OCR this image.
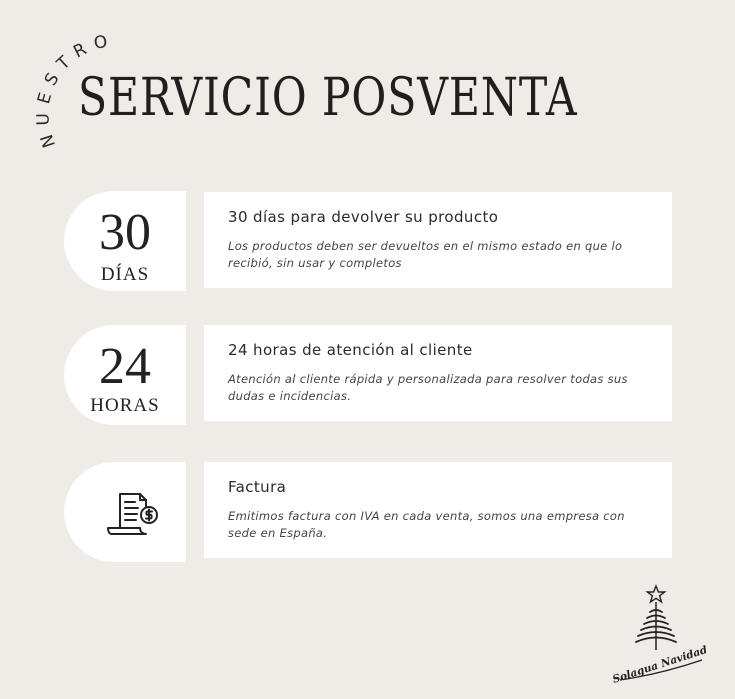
NUESTRO
SERVICIO POSVENTA
30
DÍAS
30 días para devolver su producto
Los productos deben ser devueltos en el mismo estado en que lo recibió, sin usar y completos
24
HORAS
24 horas de atención al cliente
Atención al cliente rápida y personalizada para resolver todas sus dudas e incidencias.
Factura
Emitimos factura con IVA en cada venta, somos una empresa con sede en España.
Solagua Navidad
